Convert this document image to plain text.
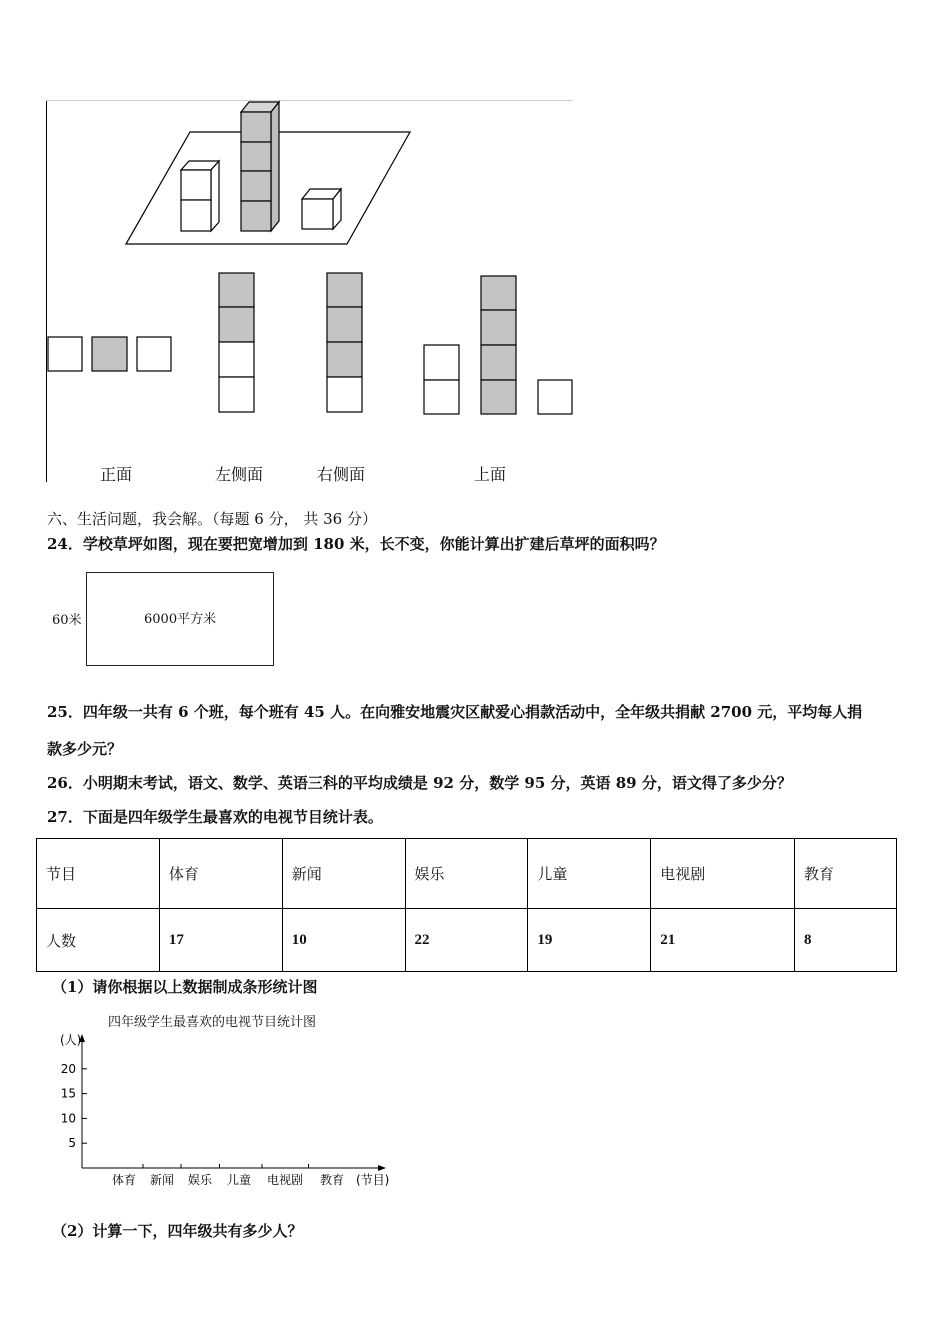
正面	左侧面	右侧面	上面
六、生活问题，我会解。（每题 6 分， 共 36 分）
24．学校草坪如图，现在要把宽增加到 180 米，长不变，你能计算出扩建后草坪的面积吗？
60米	6000平方米
25．四年级一共有 6 个班，每个班有 45 人。在向雅安地震灾区献爱心捐款活动中，全年级共捐献 2700 元，平均每人捐
款多少元？
26．小明期末考试，语文、数学、英语三科的平均成绩是 92 分，数学 95 分，英语 89 分，语文得了多少分？
27．下面是四年级学生最喜欢的电视节目统计表。
节目	体育	新闻	娱乐	儿童	电视剧	教育
人数	17	10	22	19	21	8
（1）请你根据以上数据制成条形统计图
四年级学生最喜欢的电视节目统计图
5
10
15
20
体育 新闻 娱乐 儿童 电视剧 教育
(人)
(节目)
（2）计算一下，四年级共有多少人？
